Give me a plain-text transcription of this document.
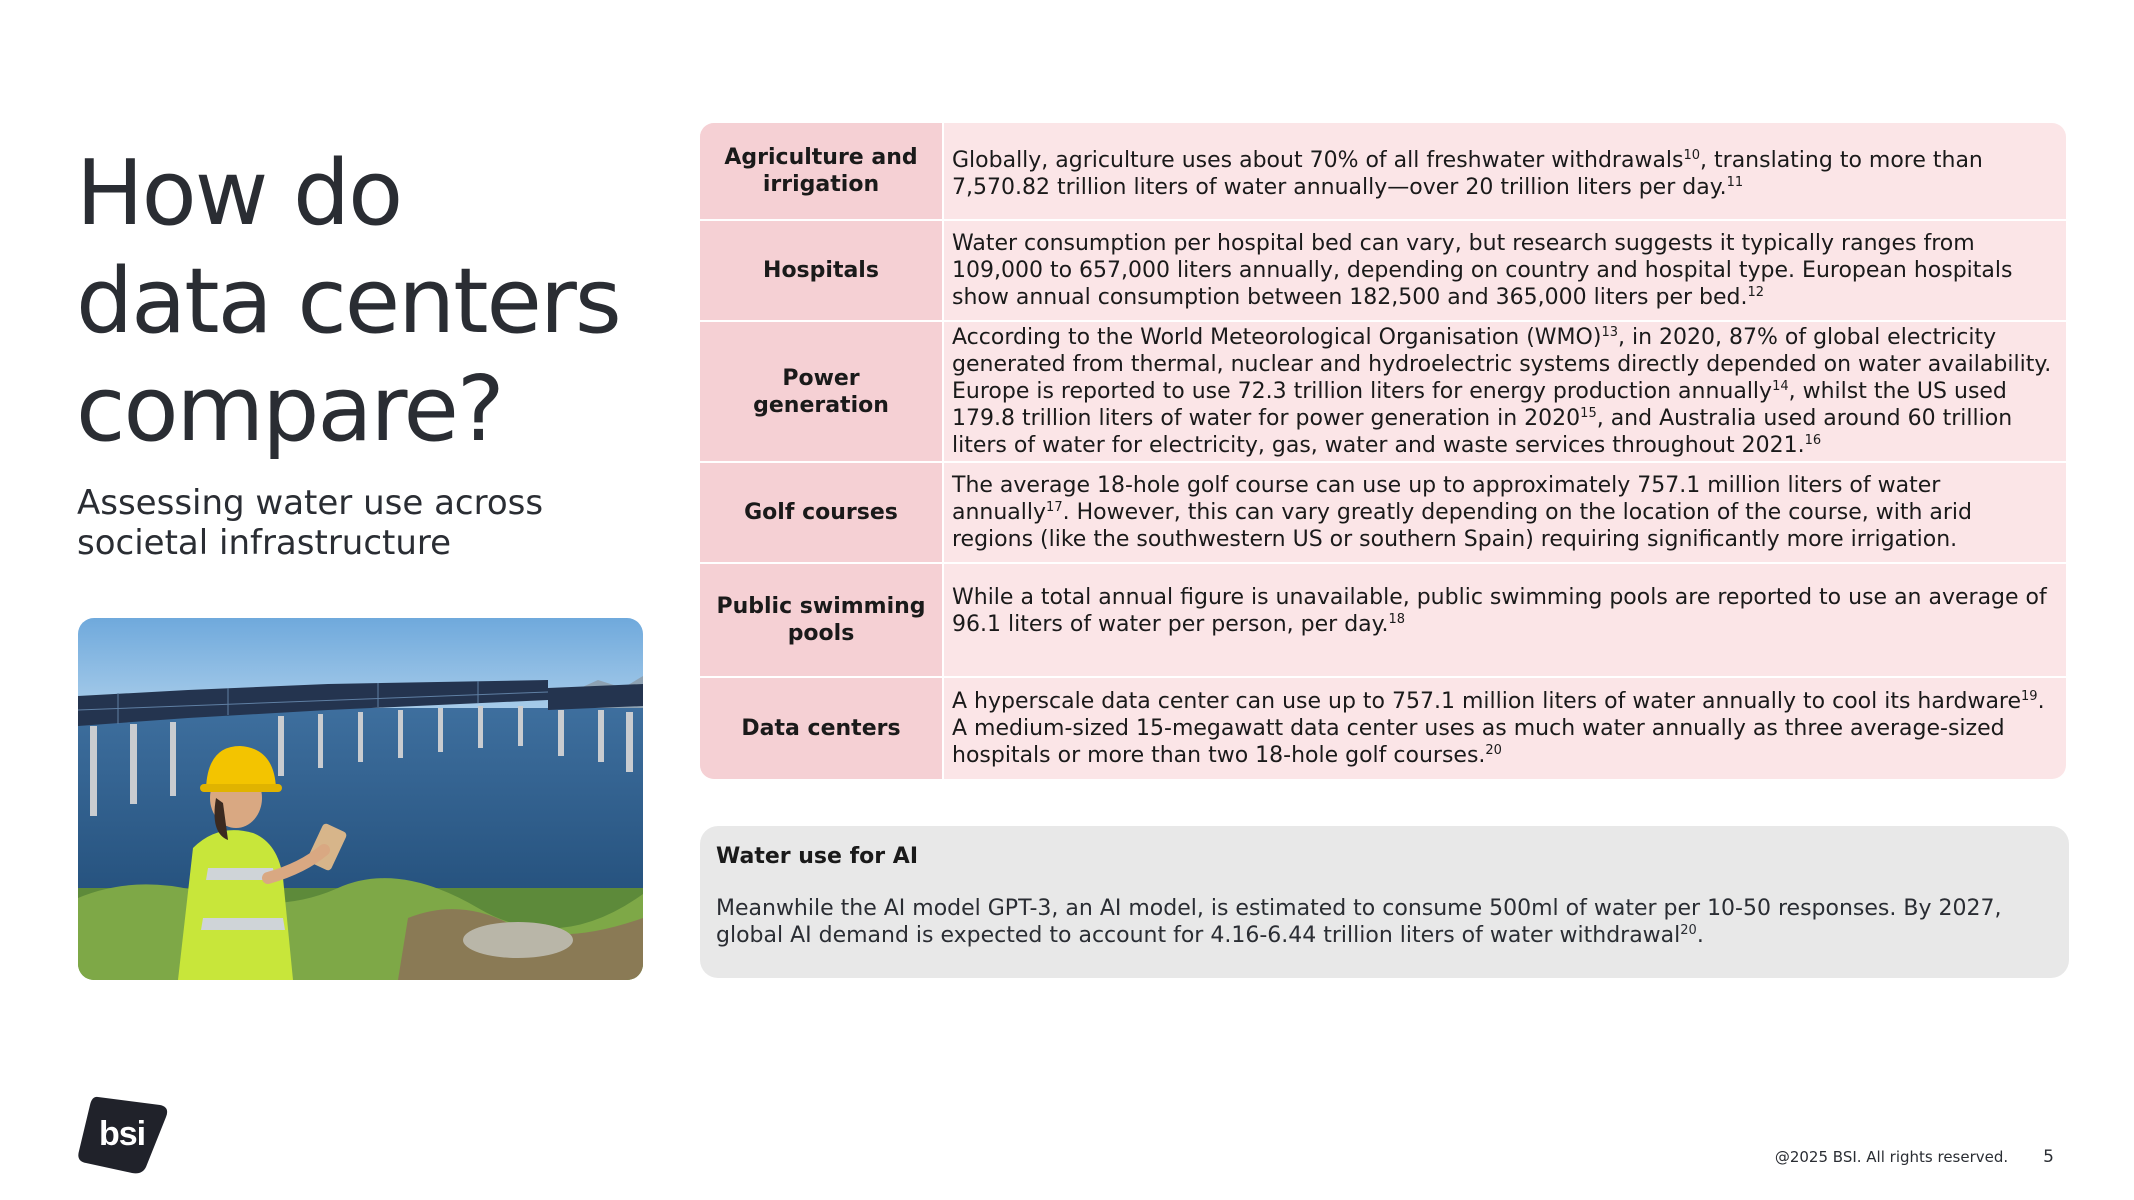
How do
data centers
compare?

Assessing water use across societal infrastructure

Agriculture and irrigation

Globally, agriculture uses about 70% of all freshwater withdrawals$^{10}$, translating to more than 7,570.82 trillion liters of water annually—over 20 trillion liters per day.$^{11}$

Hospitals

Water consumption per hospital bed can vary, but research suggests it typically ranges from 109,000 to 657,000 liters annually, depending on country and hospital type. European hospitals show annual consumption between 182,500 and 365,000 liters per bed.$^{12}$

Power generation

According to the World Meteorological Organisation (WMO)$^{13}$, in 2020, 87% of global electricity generated from thermal, nuclear and hydroelectric systems directly depended on water availability. Europe is reported to use 72.3 trillion liters for energy production annually$^{14}$, whilst the US used 179.8 trillion liters of water for power generation in 2020$^{15}$, and Australia used around 60 trillion liters of water for electricity, gas, water and waste services throughout 2021.16

Golf courses

The average 18-hole golf course can use up to approximately 757.1 million liters of water annually$^{17}$. However, this can vary greatly depending on the location of the course, with arid regions (like the southwestern US or southern Spain) requiring significantly more irrigation.

Public swimming pools

While a total annual figure is unavailable, public swimming pools are reported to use an average of 96.1 liters of water per person, per day.$^{18}$

Data centers

A hyperscale data center can use up to 757.1 million liters of water annually to cool its hardware$^{19}$. A medium-sized 15-megawatt data center uses as much water annually as three average-sized hospitals or more than two 18-hole golf courses.$^{20}$

Water use for AI

Meanwhile the AI model GPT-3, an AI model, is estimated to consume 500ml of water per 10-50 responses. By 2027, global AI demand is expected to account for 4.16-6.44 trillion liters of water withdrawal$^{20}$.

bsi
@2025 BSI. All rights reserved. 5
